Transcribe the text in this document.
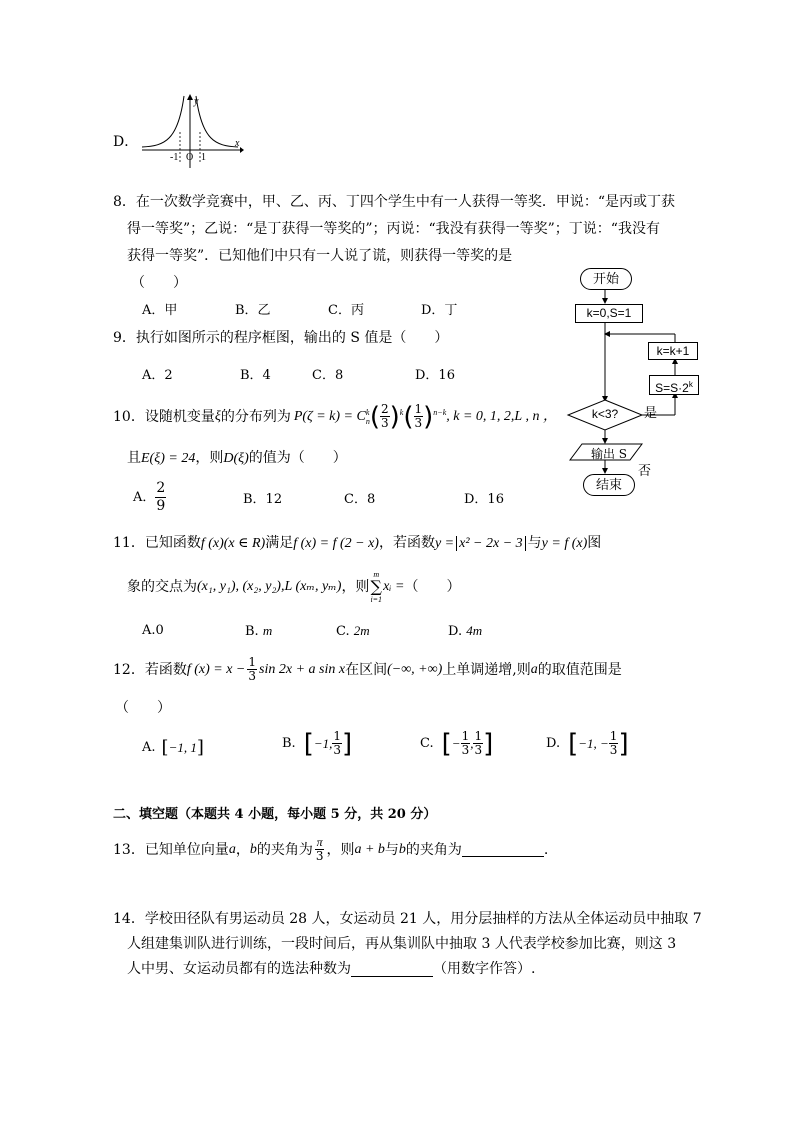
D．
y
x
-1 O 1
8．在一次数学竞赛中，甲、乙、丙、丁四个学生中有一人获得一等奖．甲说：“是丙或丁获
得一等奖”；乙说：“是丁获得一等奖的”；丙说：“我没有获得一等奖”；丁说：“我没有
获得一等奖”．已知他们中只有一人说了谎，则获得一等奖的是
（　　）
A．甲	B．乙	C．丙	D．丁
9．执行如图所示的程序框图，输出的 S 值是（　　）
A．2	B．4	C．8	D．16
开始
k=0,S=1
k=k+1
$S=S\cdot 2^k$
k<3? 是
否
输出 S
结束
10．设随机变量 ξ 的分布列为 P(ζ = k) = C k
n ( $\frac{2}{3} )^k$ ( $\frac{1}{3} )^{n-k}$ , k = 0, 1, 2,L , n ，
且E(ξ) = 24，则D(ξ)的值为（　　）
A． $\frac{2}{9}$	B．12	C．8	D．16
11．已知函数f (x)(x ∈ R)满足f (x) = f (2 − x)，若函数y = x² − 2x − 3 与y = f (x)图
象的交点为 (x₁, y₁), (x₂, y₂),L (xₘ, yₘ) ，则
m
∑
i=1
xᵢ = （　　）
A.0	B. m	C. 2m	D. 4m
12．若函数 f $(x) = x - \frac{1}{3}$ sin 2x + a sin x 在区间 (−∞, +∞) 上单调递增,则 a 的取值范围是
（　　）
A. [ −1, 1 ]	B. [ −1, $\frac{1}{3}$ ]	C. [ − $\frac{1}{3}$ , $\frac{1}{3}$ ]	D. [ −1, − $\frac{1}{3}$ ]
二、填空题（本题共 4 小题，每小题 5 分，共 20 分）
13．已知单位向量 a ， b 的夹角为 $\frac{\pi}{3}$ ，则 a + b 与 b 的夹角为	.
14．学校田径队有男运动员 28 人，女运动员 21 人，用分层抽样的方法从全体运动员中抽取 7
人组建集训队进行训练，一段时间后，再从集训队中抽取 3 人代表学校参加比赛，则这 3
人中男、女运动员都有的选法种数为	（用数字作答）.
